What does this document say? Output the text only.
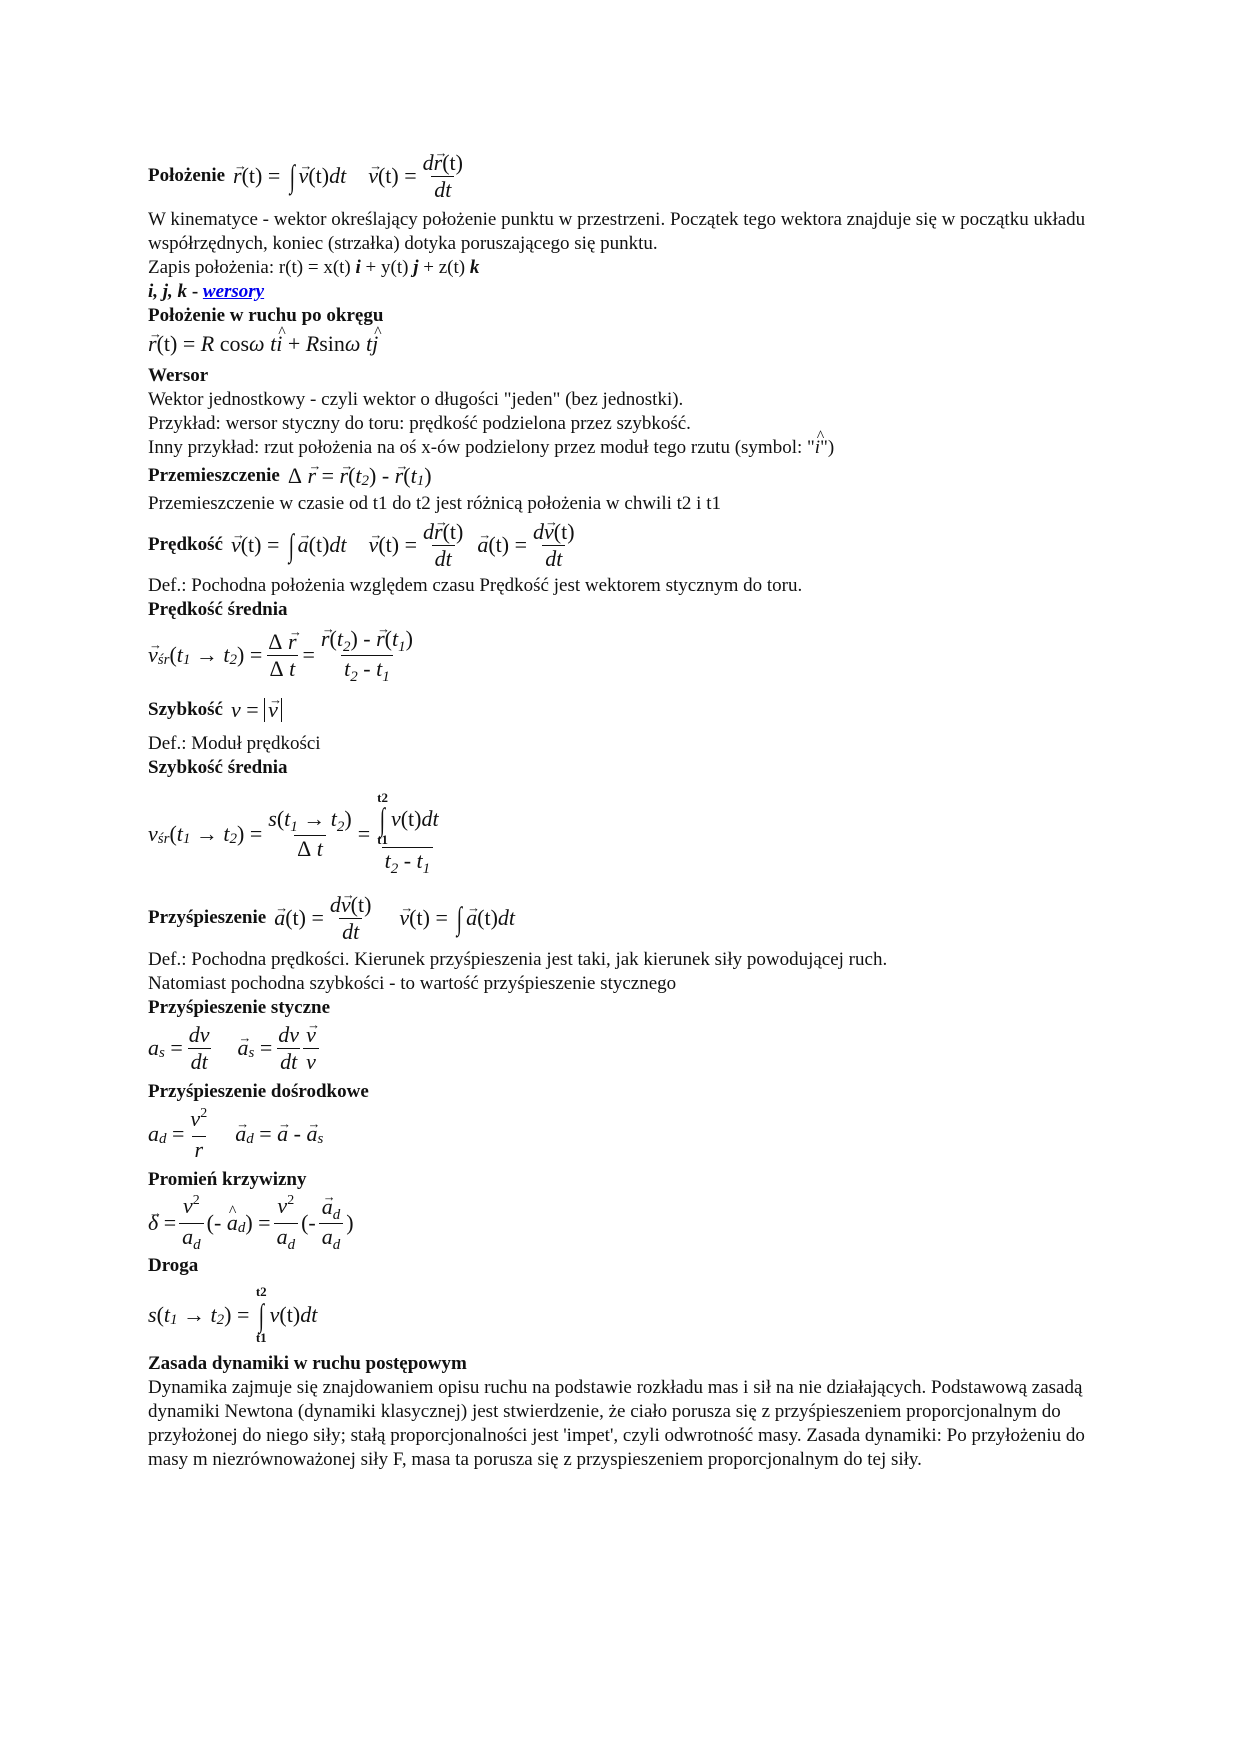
Położenie
→ r (t)
=
∫
→ v (t) dt
→ v (t)
= $\frac{d\to r(t)}{dt}$
W kinematyce - wektor określający położenie punktu w przestrzeni. Początek tego wektora znajduje się w początku układu współrzędnych, koniec (strzałka) dotyka poruszającego się punktu.
Zapis położenia: r(t) = x(t) i + y(t) j + z(t) k
i, j, k - wersory
Położenie w ruchu po okręgu
→ r (t)
=
R
cos ω
t
^ i
+
R sin ω
t
^ j
Wersor
Wektor jednostkowy - czyli wektor o długości "jeden" (bez jednostki).
Przykład: wersor styczny do toru: prędkość podzielona przez szybkość.
Inny przykład: rzut położenia na oś x-ów podzielony przez moduł tego rzutu (symbol: "^ i")
Przemieszczenie Δ

→ r
=

→ r ( t 2 )
-

→ r ( t 1 )
Przemieszczenie w czasie od t1 do t2 jest różnicą położenia w chwili t2 i t1
Prędkość
→ v (t)
=
∫
→ a (t) dt
→ v (t)
= $\frac{d\to r(t)}{dt}$
→ a (t)
= $\frac{d\to v(t)}{dt}$
Def.: Pochodna położenia względem czasu Prędkość jest wektorem stycznym do toru.
Prędkość średnia
→ v śr ( t 1
→
t 2 )
= $\frac{\Delta \to r}{\text{Δ t}}$ =
→ $\frac{r(t_2) - \to r(t_1)}{t_2 - t_1}$
Szybkość v
=

→ v
Def.: Moduł prędkości
Szybkość średnia
v śr ( t 1
→
t 2 )
= $\frac{s(t_1 \to t_2)}{\text{Δ t}} = t2$
∫
t1
v (t) dt
$t_2 - t_1$
Przyśpieszenie
→ a (t)
= $\frac{d\to v(t)}{dt}$
→ v (t)
=
∫
→ a (t) dt
Def.: Pochodna prędkości. Kierunek przyśpieszenia jest taki, jak kierunek siły powodującej ruch.
Natomiast pochodna szybkości - to wartość przyśpieszenie stycznego
Przyśpieszenie styczne
a s
= $\frac{dv}{dt}$
→ a s
= $\frac{dv}{dt}$
→ $\frac{v}{v}$
Przyśpieszenie dośrodkowe
a d
= $\frac{v^2}{r}$
→ a d
=

→ a
-

→ a s
Promień krzywizny
→ δ
= $\frac{v^2}{a_d}$ ( -

^ a d )
= $\frac{v^2}{a_d}$ ( -
→ $\frac{a_d}{a_d}$ )
Droga
s ( t 1
→
t 2 )
=

t2
∫
t1
v (t) dt
Zasada dynamiki w ruchu postępowym
Dynamika zajmuje się znajdowaniem opisu ruchu na podstawie rozkładu mas i sił na nie działających. Podstawową zasadą dynamiki Newtona (dynamiki klasycznej) jest stwierdzenie, że ciało porusza się z przyśpieszeniem proporcjonalnym do przyłożonej do niego siły; stałą proporcjonalności jest 'impet', czyli odwrotność masy. Zasada dynamiki: Po przyłożeniu do masy m niezrównoważonej siły F, masa ta porusza się z przyspieszeniem proporcjonalnym do tej siły.
